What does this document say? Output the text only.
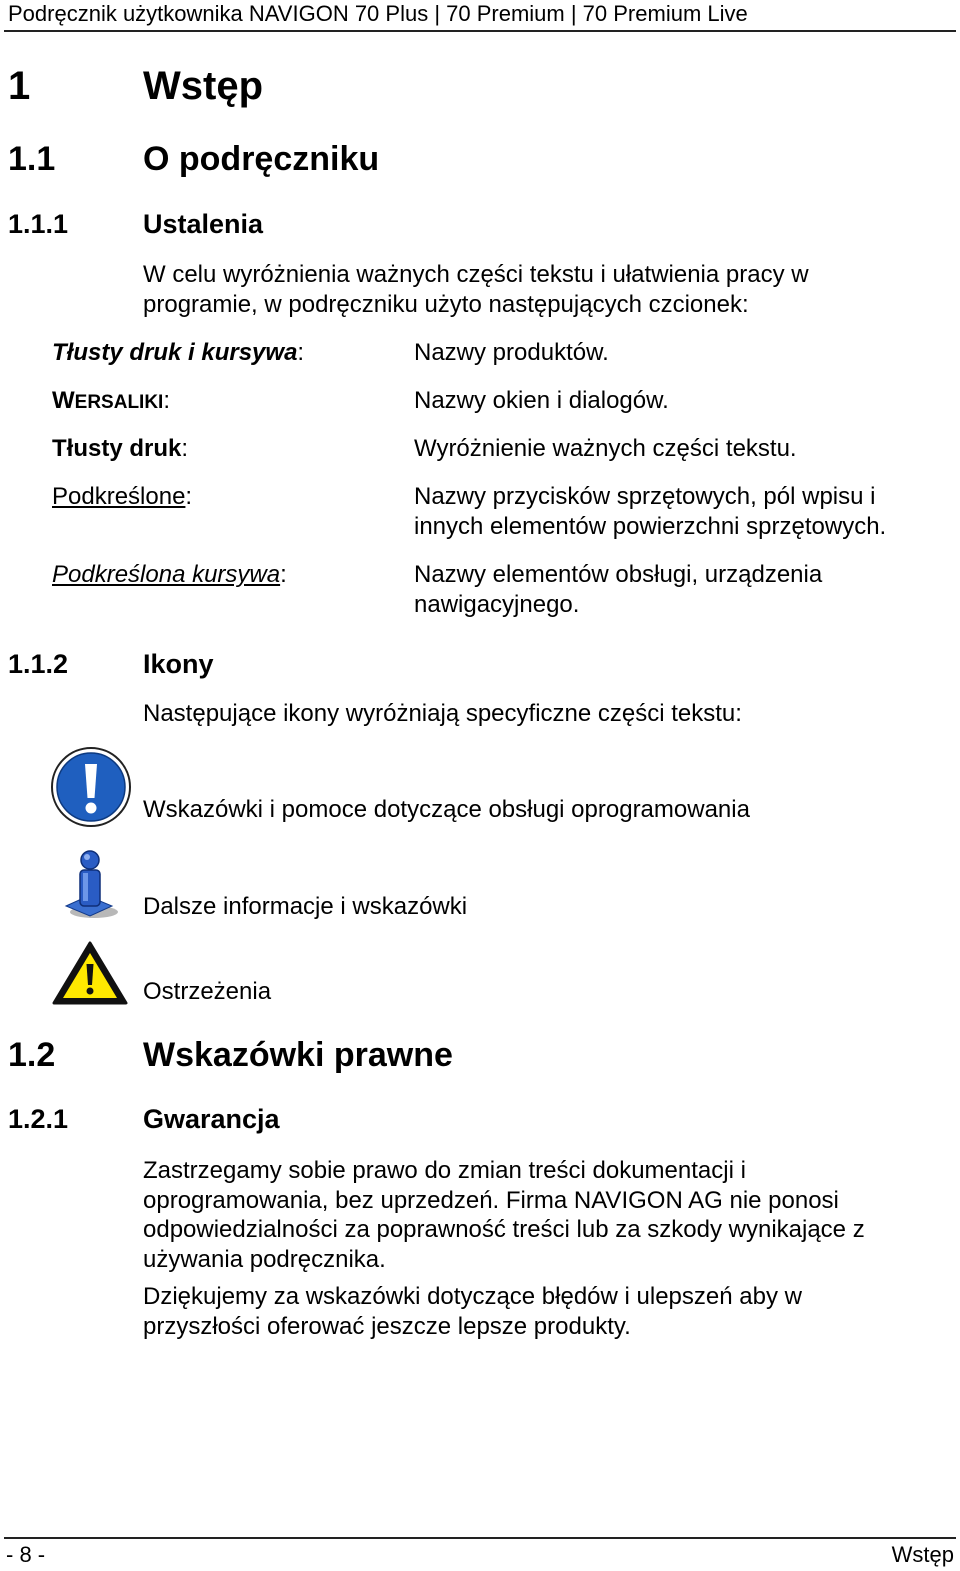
Podręcznik użytkownika NAVIGON 70 Plus | 70 Premium | 70 Premium Live
1	Wstęp
1.1	O podręczniku
1.1.1	Ustalenia
W celu wyróżnienia ważnych części tekstu i ułatwienia pracy w
programie, w podręczniku użyto następujących czcionek:
Tłusty druk i kursywa:	Nazwy produktów.
WERSALIKI:	Nazwy okien i dialogów.
Tłusty druk:	Wyróżnienie ważnych części tekstu.
Podkreślone:	Nazwy przycisków sprzętowych, pól wpisu i
innych elementów powierzchni sprzętowych.
Podkreślona kursywa:	Nazwy elementów obsługi, urządzenia
nawigacyjnego.
1.1.2	Ikony
Następujące ikony wyróżniają specyficzne części tekstu:
Wskazówki i pomoce dotyczące obsługi oprogramowania
Dalsze informacje i wskazówki
Ostrzeżenia
1.2	Wskazówki prawne
1.2.1	Gwarancja
Zastrzegamy sobie prawo do zmian treści dokumentacji i
oprogramowania, bez uprzedzeń. Firma NAVIGON AG nie ponosi
odpowiedzialności za poprawność treści lub za szkody wynikające z
używania podręcznika.
Dziękujemy za wskazówki dotyczące błędów i ulepszeń aby w
przyszłości oferować jeszcze lepsze produkty.
- 8 -	Wstęp
